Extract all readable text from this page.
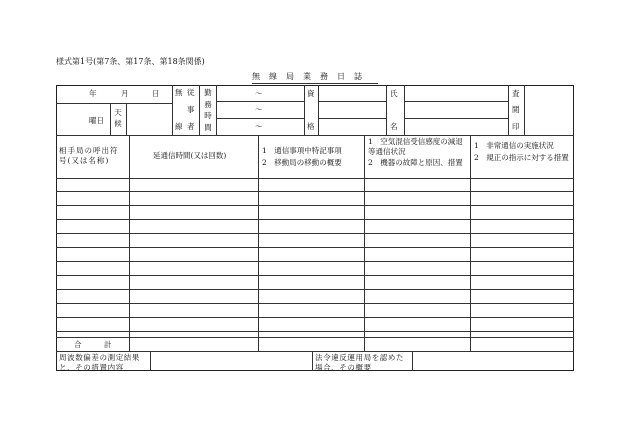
様式第1号(第7条、第17条、第18条関係)
無　線　局　業　務　日　誌
年	月	日
曜日
天候
無
線
従
事
者
勤務時間
〜
〜
〜
資
格
氏
名
査
閲
印
相手局の呼出符号(又は名称)
延通信時間(又は回数)
1　通信事項中特記事項
2　移動局の移動の概要
1　空気混信受信感度の減退等通信状況
2　機器の故障と原因、措置
1　非常通信の実施状況
2　規正の指示に対する措置
合　　　計
周波数偏差の測定結果と、その措置内容
法令違反運用局を認めた場合、その概要
